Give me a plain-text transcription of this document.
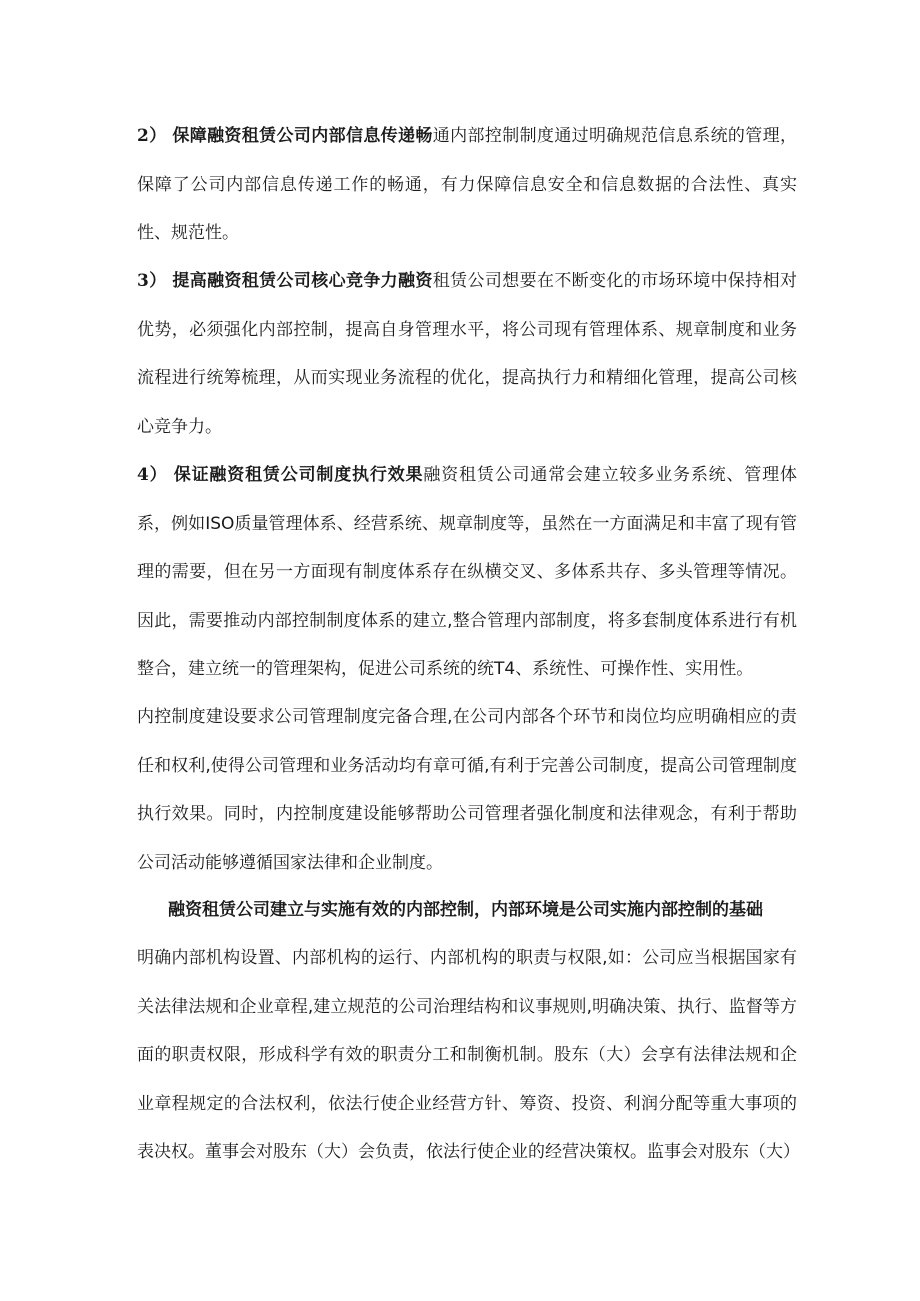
2） 保障融资租赁公司内部信息传递畅通内部控制制度通过明确规范信息系统的管理，保障了公司内部信息传递工作的畅通，有力保障信息安全和信息数据的合法性、真实性、规范性。

3） 提高融资租赁公司核心竞争力融资租赁公司想要在不断变化的市场环境中保持相对优势，必须强化内部控制，提高自身管理水平，将公司现有管理体系、规章制度和业务流程进行统筹梳理，从而实现业务流程的优化，提高执行力和精细化管理，提高公司核心竞争力。

4） 保证融资租赁公司制度执行效果融资租赁公司通常会建立较多业务系统、管理体系，例如ISO质量管理体系、经营系统、规章制度等，虽然在一方面满足和丰富了现有管理的需要，但在另一方面现有制度体系存在纵横交叉、多体系共存、多头管理等情况。因此，需要推动内部控制制度体系的建立,整合管理内部制度，将多套制度体系进行有机整合，建立统一的管理架构，促进公司系统的统T4、系统性、可操作性、实用性。

内控制度建设要求公司管理制度完备合理,在公司内部各个环节和岗位均应明确相应的责任和权利,使得公司管理和业务活动均有章可循,有利于完善公司制度，提高公司管理制度执行效果。同时，内控制度建设能够帮助公司管理者强化制度和法律观念，有利于帮助公司活动能够遵循国家法律和企业制度。

融资租赁公司建立与实施有效的内部控制，内部环境是公司实施内部控制的基础

明确内部机构设置、内部机构的运行、内部机构的职责与权限,如：公司应当根据国家有关法律法规和企业章程,建立规范的公司治理结构和议事规则,明确决策、执行、监督等方面的职责权限，形成科学有效的职责分工和制衡机制。股东（大）会享有法律法规和企业章程规定的合法权利，依法行使企业经营方针、筹资、投资、利润分配等重大事项的表决权。董事会对股东（大）会负责，依法行使企业的经营决策权。监事会对股东（大）
